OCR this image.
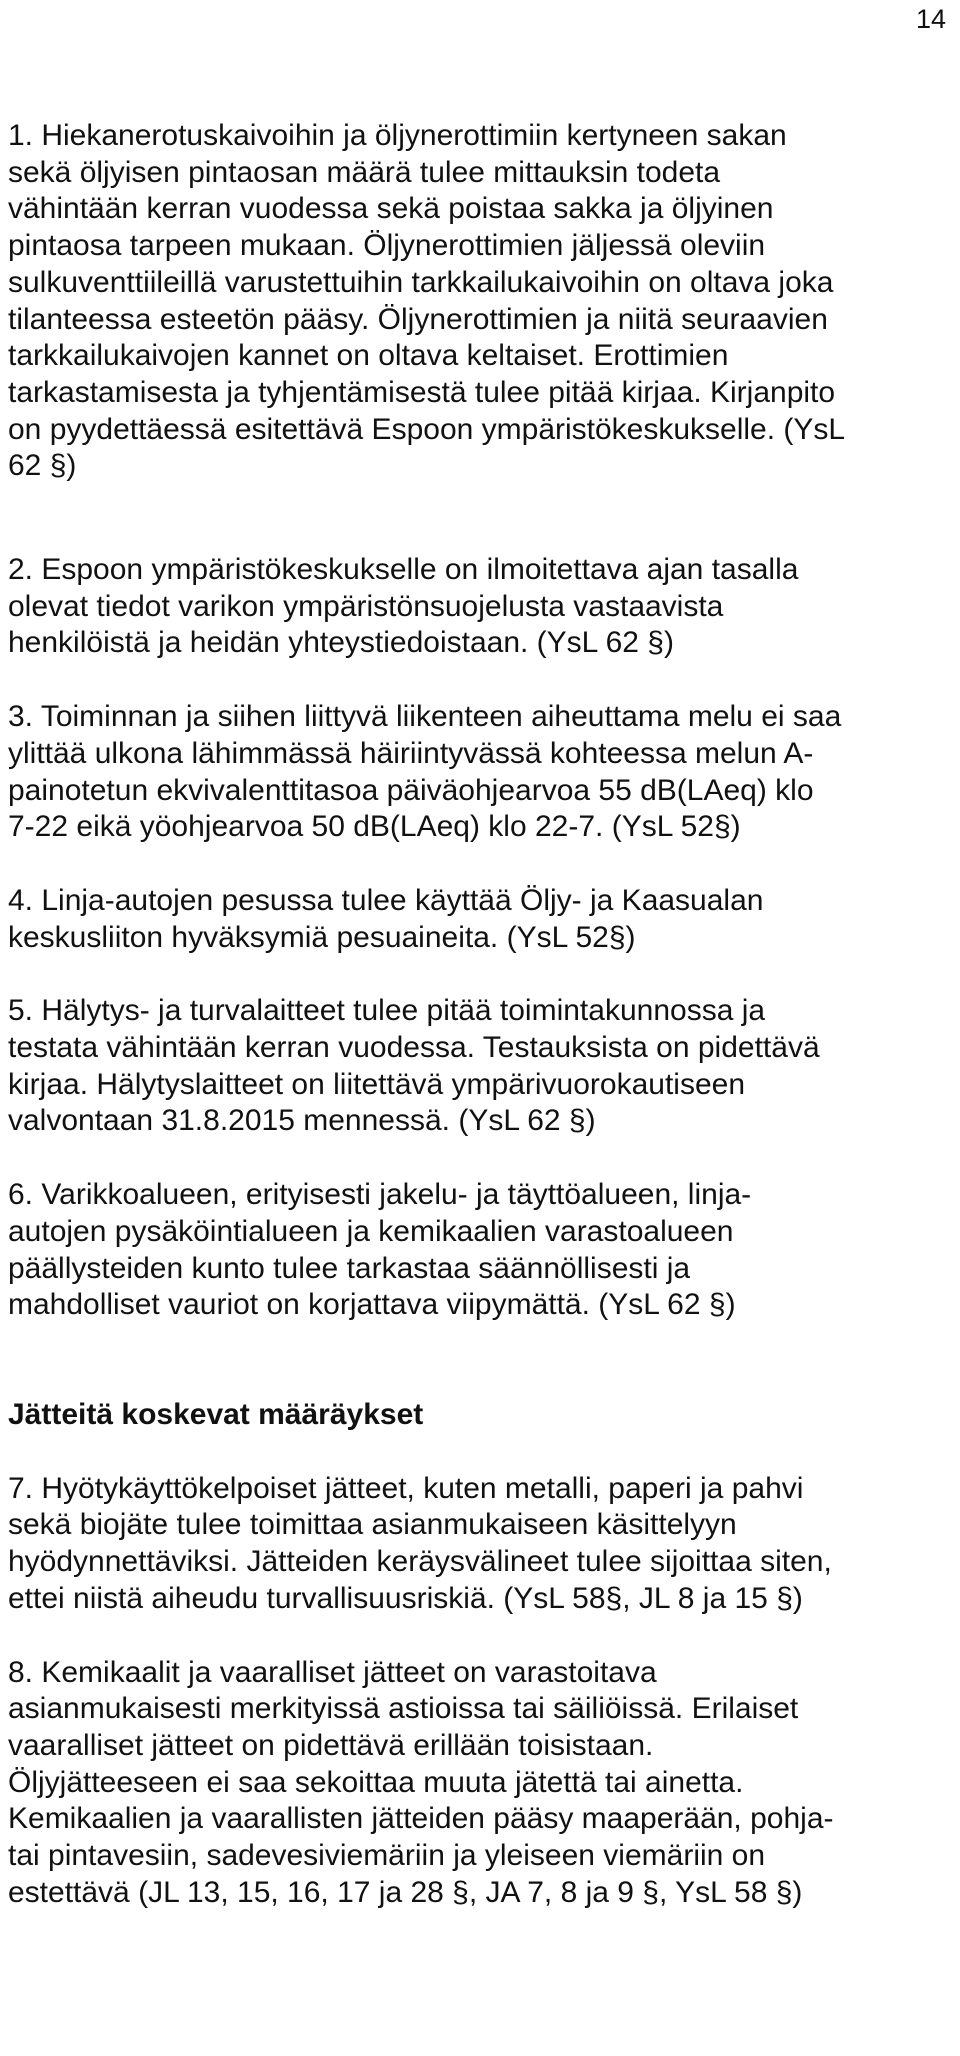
14

1. Hiekanerotuskaivoihin ja öljynerottimiin kertyneen sakan
sekä öljyisen pintaosan määrä tulee mittauksin todeta
vähintään kerran vuodessa sekä poistaa sakka ja öljyinen
pintaosa tarpeen mukaan. Öljynerottimien jäljessä oleviin
sulkuventtiileillä varustettuihin tarkkailukaivoihin on oltava joka
tilanteessa esteetön pääsy. Öljynerottimien ja niitä seuraavien
tarkkailukaivojen kannet on oltava keltaiset. Erottimien
tarkastamisesta ja tyhjentämisestä tulee pitää kirjaa. Kirjanpito
on pyydettäessä esitettävä Espoon ympäristökeskukselle. (YsL
62 §)

2. Espoon ympäristökeskukselle on ilmoitettava ajan tasalla
olevat tiedot varikon ympäristönsuojelusta vastaavista
henkilöistä ja heidän yhteystiedoistaan. (YsL 62 §)

3. Toiminnan ja siihen liittyvä liikenteen aiheuttama melu ei saa
ylittää ulkona lähimmässä häiriintyvässä kohteessa melun A-
painotetun ekvivalenttitasoa päiväohjearvoa 55 dB(LAeq) klo
7-22 eikä yöohjearvoa 50 dB(LAeq) klo 22-7. (YsL 52§)

4. Linja-autojen pesussa tulee käyttää Öljy- ja Kaasualan
keskusliiton hyväksymiä pesuaineita. (YsL 52§)

5. Hälytys- ja turvalaitteet tulee pitää toimintakunnossa ja
testata vähintään kerran vuodessa. Testauksista on pidettävä
kirjaa. Hälytyslaitteet on liitettävä ympärivuorokautiseen
valvontaan 31.8.2015 mennessä. (YsL 62 §)

6. Varikkoalueen, erityisesti jakelu- ja täyttöalueen, linja-
autojen pysäköintialueen ja kemikaalien varastoalueen
päällysteiden kunto tulee tarkastaa säännöllisesti ja
mahdolliset vauriot on korjattava viipymättä. (YsL 62 §)

Jätteitä koskevat määräykset

7. Hyötykäyttökelpoiset jätteet, kuten metalli, paperi ja pahvi
sekä biojäte tulee toimittaa asianmukaiseen käsittelyyn
hyödynnettäviksi. Jätteiden keräysvälineet tulee sijoittaa siten,
ettei niistä aiheudu turvallisuusriskiä. (YsL 58§, JL 8 ja 15 §)

8. Kemikaalit ja vaaralliset jätteet on varastoitava
asianmukaisesti merkityissä astioissa tai säiliöissä. Erilaiset
vaaralliset jätteet on pidettävä erillään toisistaan.
Öljyjätteeseen ei saa sekoittaa muuta jätettä tai ainetta.
Kemikaalien ja vaarallisten jätteiden pääsy maaperään, pohja-
tai pintavesiin, sadevesiviemäriin ja yleiseen viemäriin on
estettävä (JL 13, 15, 16, 17 ja 28 §, JA 7, 8 ja 9 §, YsL 58 §)
